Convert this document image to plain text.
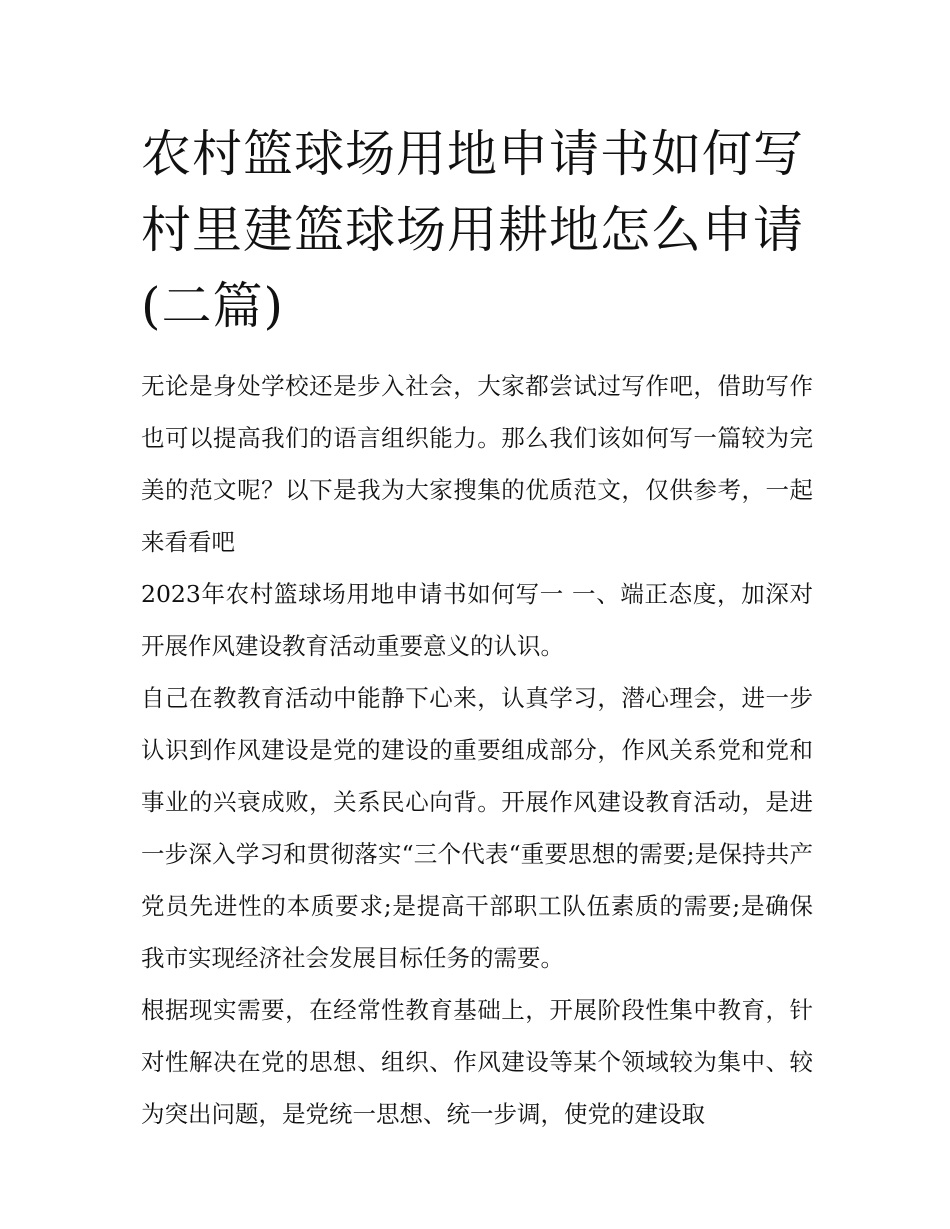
农村篮球场用地申请书如何写
村里建篮球场用耕地怎么申请
(二篇)

无论是身处学校还是步入社会，大家都尝试过写作吧，借助写作也可以提高我们的语言组织能力。那么我们该如何写一篇较为完美的范文呢？以下是我为大家搜集的优质范文，仅供参考，一起来看看吧

2023年农村篮球场用地申请书如何写一 一、端正态度，加深对开展作风建设教育活动重要意义的认识。

自己在教教育活动中能静下心来，认真学习，潜心理会，进一步认识到作风建设是党的建设的重要组成部分，作风关系党和党和事业的兴衰成败，关系民心向背。开展作风建设教育活动，是进一步深入学习和贯彻落实“三个代表“重要思想的需要;是保持共产党员先进性的本质要求;是提高干部职工队伍素质的需要;是确保我市实现经济社会发展目标任务的需要。

根据现实需要，在经常性教育基础上，开展阶段性集中教育，针对性解决在党的思想、组织、作风建设等某个领域较为集中、较为突出问题，是党统一思想、统一步调，使党的建设取
